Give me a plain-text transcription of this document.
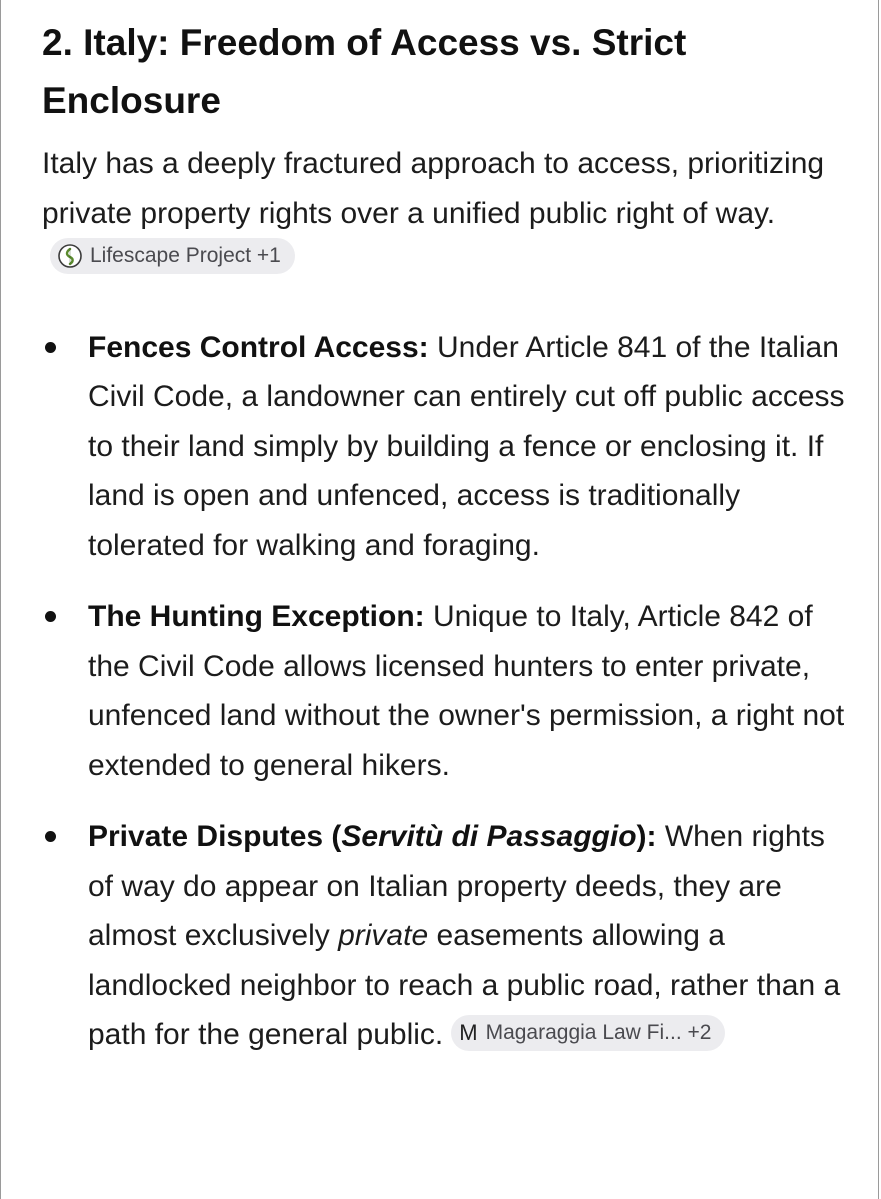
2. Italy: Freedom of Access vs. Strict Enclosure

Italy has a deeply fractured approach to access, prioritizing private property rights over a unified public right of way.
Lifescape Project +1

Fences Control Access: Under Article 841 of the Italian Civil Code, a landowner can entirely cut off public access to their land simply by building a fence or enclosing it. If land is open and unfenced, access is traditionally tolerated for walking and foraging.
The Hunting Exception: Unique to Italy, Article 842 of the Civil Code allows licensed hunters to enter private, unfenced land without the owner's permission, a right not extended to general hikers.
Private Disputes (Servitù di Passaggio): When rights of way do appear on Italian property deeds, they are almost exclusively private easements allowing a landlocked neighbor to reach a public road, rather than a path for the general public. M Magaraggia Law Fi... +2
